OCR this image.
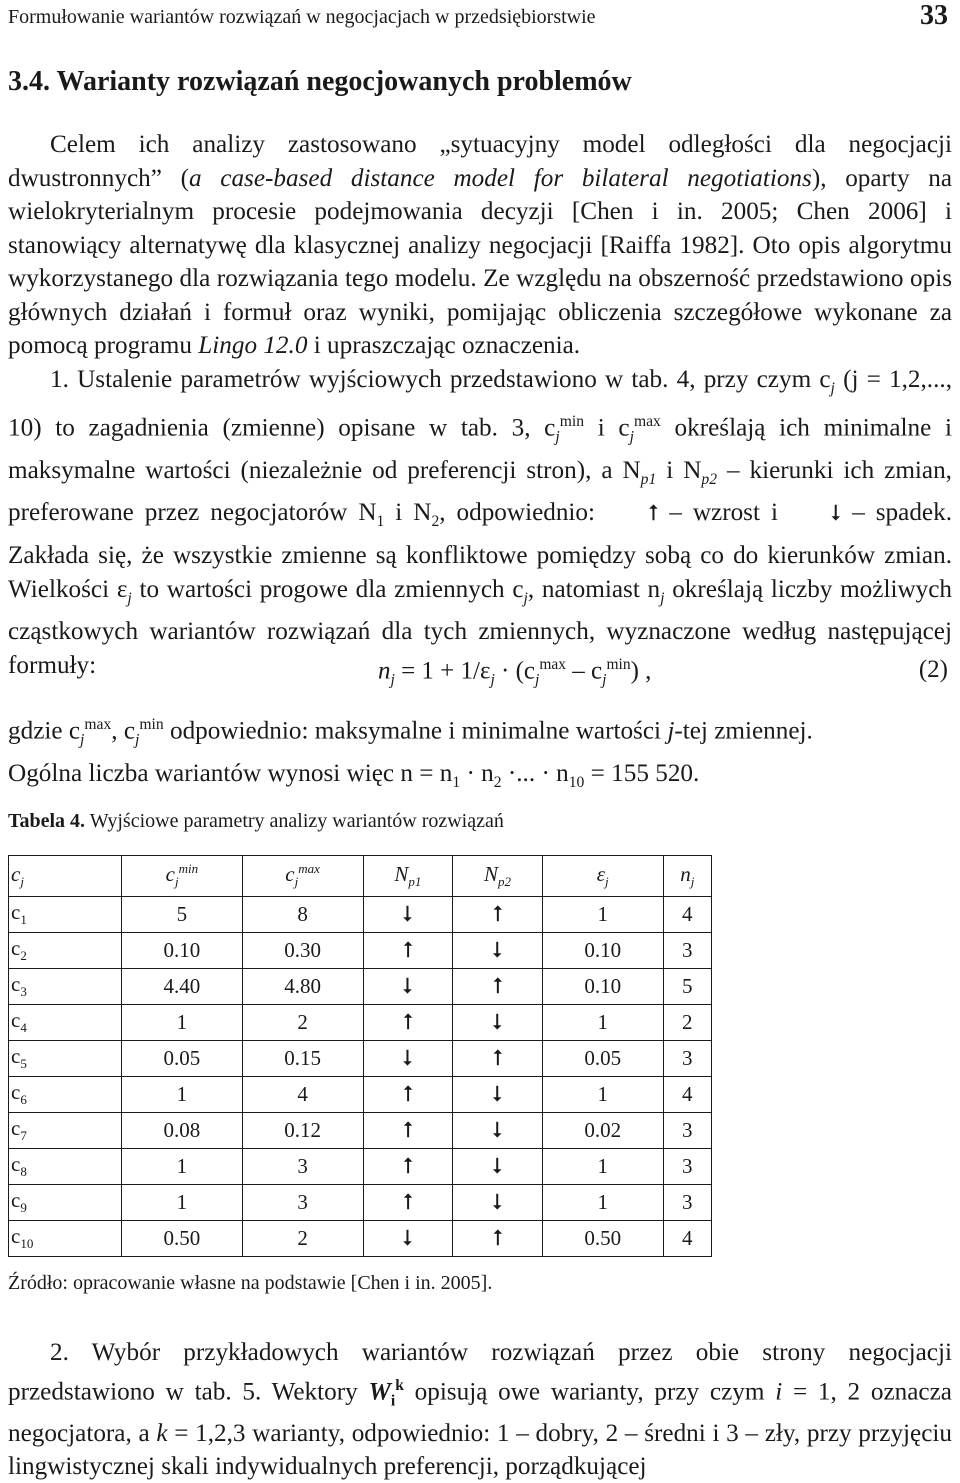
Formułowanie wariantów rozwiązań w negocjacjach w przedsiębiorstwie	33
3.4. Warianty rozwiązań negocjowanych problemów

Celem ich analizy zastosowano „sytuacyjny model odległości dla negocjacji dwustronnych” (a case-based distance model for bilateral negotiations), oparty na wielokryterialnym procesie podejmowania decyzji [Chen i in. 2005; Chen 2006] i stanowiący alternatywę dla klasycznej analizy negocjacji [Raiffa 1982]. Oto opis algorytmu wykorzystanego dla rozwiązania tego modelu. Ze względu na obszerność przedstawiono opis głównych działań i formuł oraz wyniki, pomijając obliczenia szczegółowe wykonane za pomocą programu Lingo 12.0 i upraszczając oznaczenia.

1. Ustalenie parametrów wyjściowych przedstawiono w tab. 4, przy czym $c_j$ (j = 1,2,..., 10) to zagadnienia (zmienne) opisane w tab. 3, $c_j^{min}$ i $c_j^{max}$ określają ich minimalne i maksymalne wartości (niezależnie od preferencji stron), a $N_{p1}$ i $N_{p2}$ – kierunki ich zmian, preferowane przez negocjatorów $N_1$ i $N_2$, odpowiednio: ⭡ – wzrost i ⭣ – spadek. Zakłada się, że wszystkie zmienne są konfliktowe pomiędzy sobą co do kierunków zmian. Wielkości $\varepsilon_j$ to wartości progowe dla zmiennych $c_j$, natomiast $n_j$ określają liczby możliwych cząstkowych wariantów rozwiązań dla tych zmiennych, wyznaczone według następującej formuły:	$n_j = 1 + 1/\varepsilon_j \cdot (c_j^{max} - c_j^{min})$ ,	(2)

gdzie $c_j^{max}$, $c_j^{min}$ odpowiednio: maksymalne i minimalne wartości j-tej zmiennej.

Ogólna liczba wariantów wynosi więc $n = n_1 \cdot n_2$ ·... · $n_{10} = 155$ 520.

Tabela 4. Wyjściowe parametry analizy wariantów rozwiązań
$c_j$	$c_j^{min}$	$c_j^{max}$	$N_{p1}$	$N_{p2}$	$\varepsilon_j$	$n_j$
$c_1$	5	8	⭣	⭡	1	4
$c_2$	0.10	0.30	⭡	⭣	0.10	3
$c_3$	4.40	4.80	⭣	⭡	0.10	5
$c_4$	1	2	⭡	⭣	1	2
$c_5$	0.05	0.15	⭣	⭡	0.05	3
$c_6$	1	4	⭡	⭣	1	4
$c_7$	0.08	0.12	⭡	⭣	0.02	3
$c_8$	1	3	⭡	⭣	1	3
$c_9$	1	3	⭡	⭣	1	3
$c_{10}$	0.50	2	⭣	⭡	0.50	4
Źródło: opracowanie własne na podstawie [Chen i in. 2005].

2. Wybór przykładowych wariantów rozwiązań przez obie strony negocjacji przedstawiono w tab. 5. Wektory $W_i^k$ opisują owe warianty, przy czym i = 1, 2 oznacza negocjatora, a k = 1,2,3 warianty, odpowiednio: 1 – dobry, 2 – średni i 3 – zły, przy przyjęciu lingwistycznej skali indywidualnych preferencji, porządkującej
